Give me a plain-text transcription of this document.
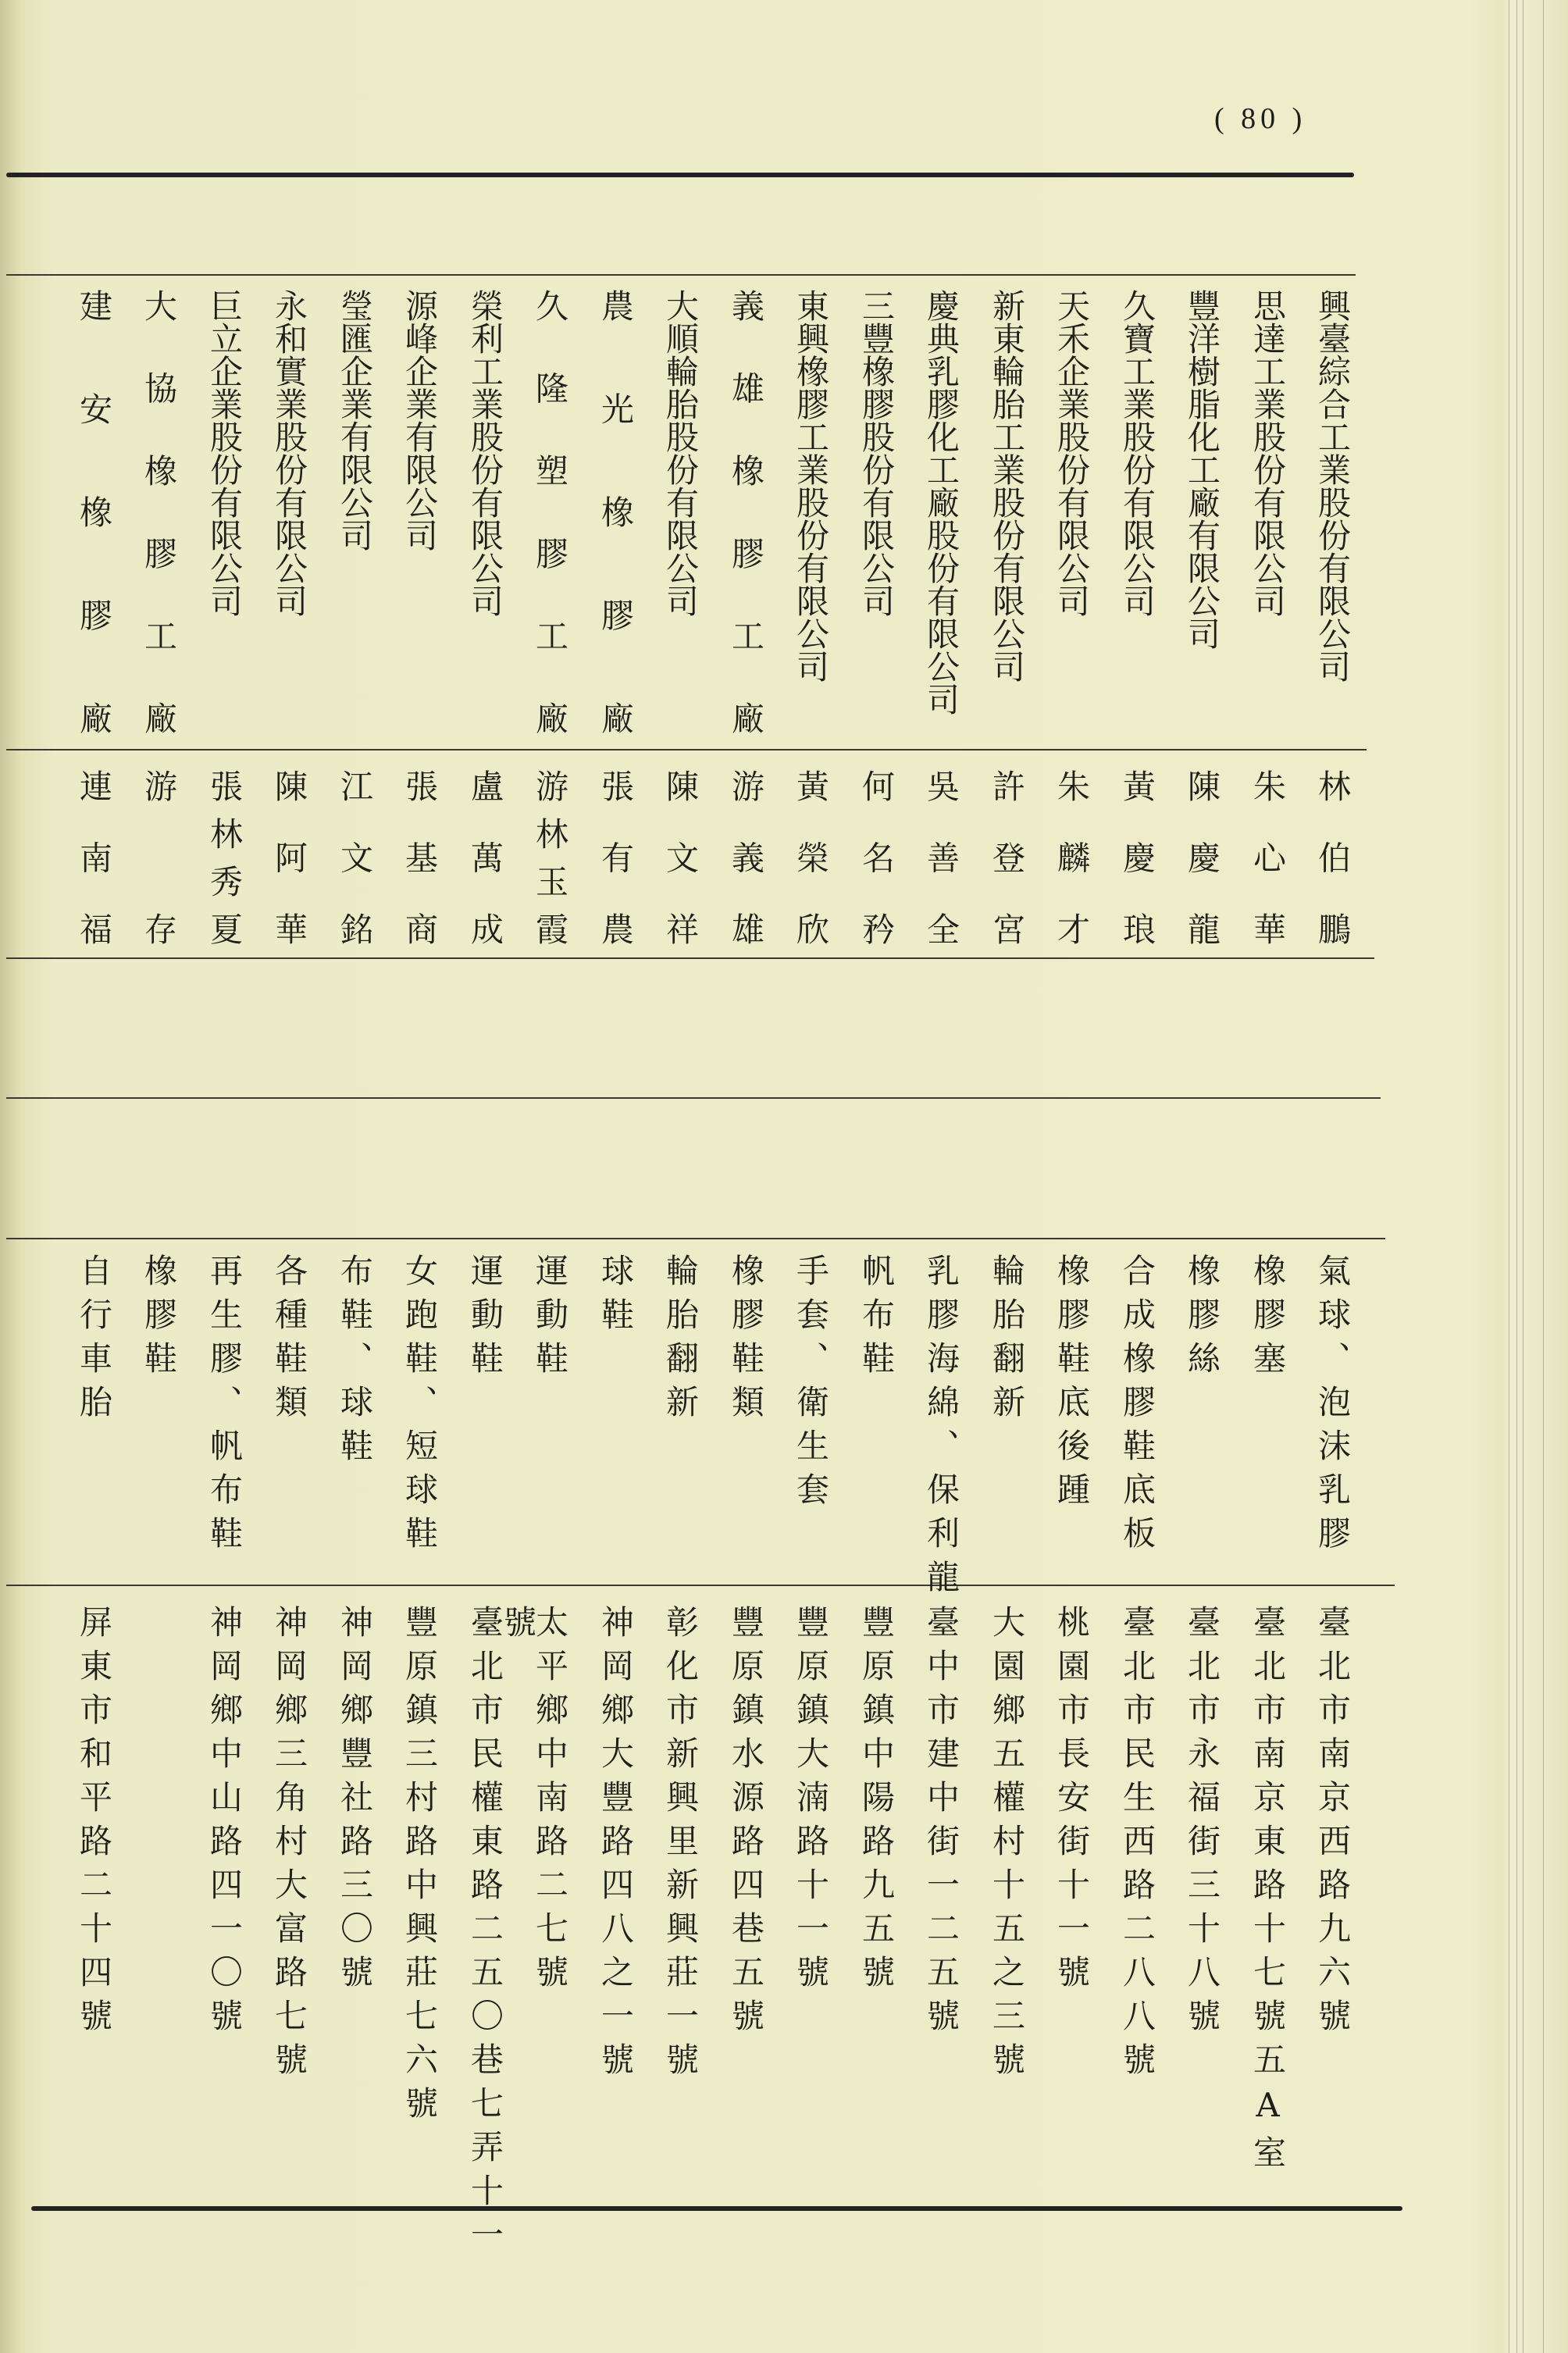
( 80 )
興臺綜合工業股份有限公司
思達工業股份有限公司
豐洋樹脂化工廠有限公司
久寶工業股份有限公司
天禾企業股份有限公司
新東輪胎工業股份有限公司
慶典乳膠化工廠股份有限公司
三豐橡膠股份有限公司
東興橡膠工業股份有限公司
義雄橡膠工廠
大順輪胎股份有限公司
農光橡膠廠
久隆塑膠工廠
榮利工業股份有限公司
源峰企業有限公司
瑩匯企業有限公司
永和實業股份有限公司
巨立企業股份有限公司
大協橡膠工廠
建安橡膠廠
林伯鵬
朱心華
陳慶龍
黃慶琅
朱麟才
許登宮
吳善全
何名矜
黃榮欣
游義雄
陳文祥
張有農
游林玉霞
盧萬成
張基商
江文銘
陳阿華
張林秀夏
游存
連南福
氣球、泡沫乳膠
橡膠塞
橡膠絲
合成橡膠鞋底板
橡膠鞋底後踵
輪胎翻新
乳膠海綿、保利龍
帆布鞋
手套、衛生套
橡膠鞋類
輪胎翻新
球鞋
運動鞋
運動鞋
女跑鞋、短球鞋
布鞋、球鞋
各種鞋類
再生膠、帆布鞋
橡膠鞋
自行車胎
臺北市南京西路九六號
臺北市南京東路十七號五A室
臺北市永福街三十八號
臺北市民生西路二八八號
桃園市長安街十一號
大園鄉五權村十五之三號
臺中市建中街一二五號
豐原鎮中陽路九五號
豐原鎮大湳路十一號
豐原鎮水源路四巷五號
彰化市新興里新興莊一號
神岡鄉大豐路四八之一號
太平鄉中南路二七號
臺北市民權東路二五〇巷七弄十一
豐原鎮三村路中興莊七六號
神岡鄉豐社路三〇號
神岡鄉三角村大富路七號
神岡鄉中山路四一〇號
屏東市和平路二十四號	號
